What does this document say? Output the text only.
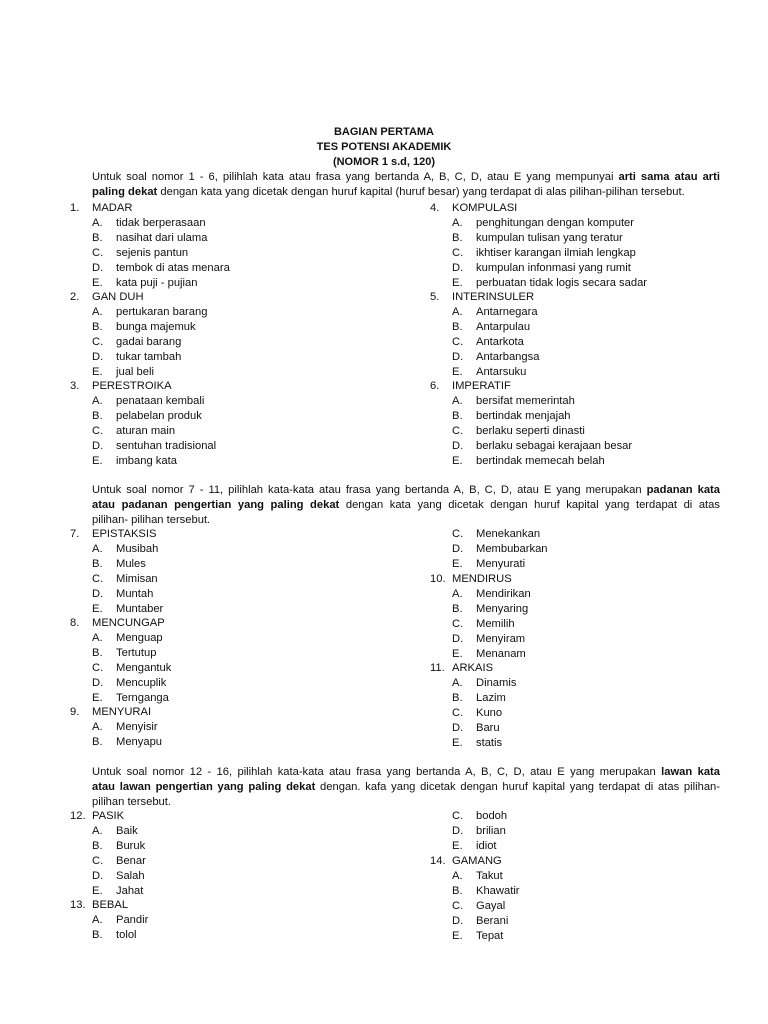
BAGIAN PERTAMA
TES POTENSI AKADEMIK
(NOMOR 1 s.d, 120)
Untuk soal nomor 1 - 6, pilihlah kata atau frasa yang bertanda A, B, C, D, atau E yang mempunyai arti sama atau arti
paling dekat dengan kata yang dicetak dengan huruf kapital (huruf besar) yang terdapat di alas pilihan-pilihan tersebut.
1. MADAR
A. tidak berperasaan
B. nasihat dari ulama
C. sejenis pantun
D. tembok di atas menara
E. kata puji - pujian
2. GAN DUH
A. pertukaran barang
B. bunga majemuk
C. gadai barang
D. tukar tambah
E. jual beli
3. PERESTROIKA
A. penataan kembali
B. pelabelan produk
C. aturan main
D. sentuhan tradisional
E. imbang kata
4. KOMPULASI
A. penghitungan dengan komputer
B. kumpulan tulisan yang teratur
C. ikhtiser karangan ilmiah lengkap
D. kumpulan infonmasi yang rumit
E. perbuatan tidak logis secara sadar
5. INTERINSULER
A. Antarnegara
B. Antarpulau
C. Antarkota
D. Antarbangsa
E. Antarsuku
6. IMPERATIF
A. bersifat memerintah
B. bertindak menjajah
C. berlaku seperti dinasti
D. berlaku sebagai kerajaan besar
E. bertindak memecah belah
Untuk soal nomor 7 - 11, pilihlah kata-kata atau frasa yang bertanda A, B, C, D, atau E yang merupakan padanan kata
atau padanan pengertian yang paling dekat dengan kata yang dicetak dengan huruf kapital yang terdapat di atas
pilihan- pilihan tersebut.
7. EPISTAKSIS
A. Musibah
B. Mules
C. Mimisan
D. Muntah
E. Muntaber
8. MENCUNGAP
A. Menguap
B. Tertutup
C. Mengantuk
D. Mencuplik
E. Ternganga
9. MENYURAI
A. Menyisir
B. Menyapu
C. Menekankan
D. Membubarkan
E. Menyurati
10. MENDIRUS
A. Mendirikan
B. Menyaring
C. Memilih
D. Menyiram
E. Menanam
11. ARKAIS
A. Dinamis
B. Lazim
C. Kuno
D. Baru
E. statis
Untuk soal nomor 12 - 16, pilihlah kata-kata atau frasa yang bertanda A, B, C, D, atau E yang merupakan lawan kata
atau lawan pengertian yang paling dekat dengan. kafa yang dicetak dengan huruf kapital yang terdapat di atas pilihan-
pilihan tersebut.
12. PASIK
A. Baik
B. Buruk
C. Benar
D. Salah
E. Jahat
13. BEBAL
A. Pandir
B. tolol
C. bodoh
D. brilian
E. idiot
14. GAMANG
A. Takut
B. Khawatir
C. Gayal
D. Berani
E. Tepat
